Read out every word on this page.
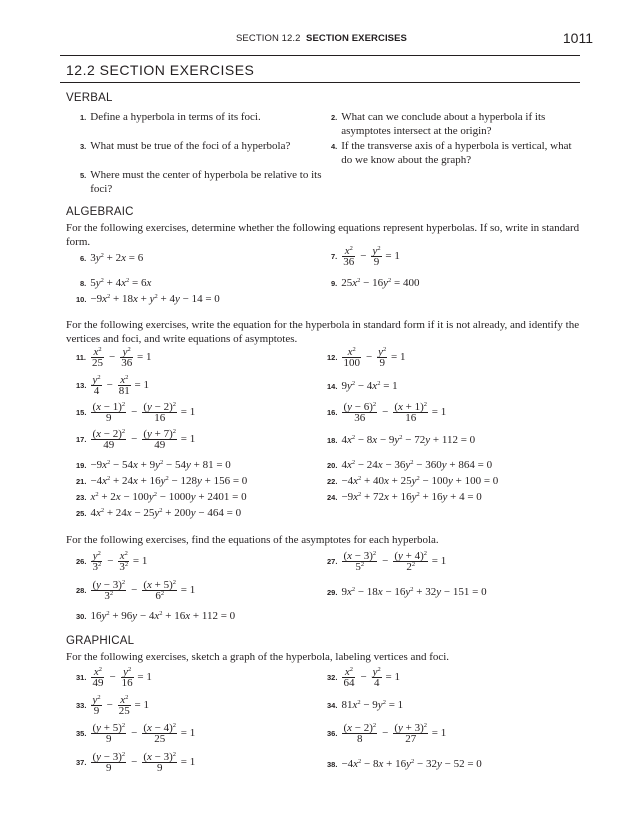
SECTION 12.2 SECTION EXERCISES	1011
12.2 SECTION EXERCISES
VERBAL
1. Define a hyperbola in terms of its foci.	2. What can we conclude about a hyperbola if its asymptotes intersect at the origin?
3. What must be true of the foci of a hyperbola?	4. If the transverse axis of a hyperbola is vertical, what do we know about the graph?
5. Where must the center of hyperbola be relative to its foci?
ALGEBRAIC
For the following exercises, determine whether the following equations represent hyperbolas. If so, write in standard form.
6. $3y^2 + 2x = 6$	7. $\frac{x^2}{36} - \frac{y^2}{9} = 1$
8. $5y^2 + 4x^2 = 6x$	9. $25x^2 - 16y^2 = 400$
10. $-9x^2 + 18x + y^2 + 4y - 14 = 0$
For the following exercises, write the equation for the hyperbola in standard form if it is not already, and identify the vertices and foci, and write equations of asymptotes.
11. $\frac{x^2}{25} - \frac{y^2}{36} = 1$	12. $\frac{x^2}{100} - \frac{y^2}{9} = 1$
13. $\frac{y^2}{4} - \frac{x^2}{81} = 1$	14. $9y^2 - 4x^2 = 1$
15. $\frac{(x - 1)^2}{9} - \frac{(y - 2)^2}{16} = 1$	16. $\frac{(y - 6)^2}{36} - \frac{(x + 1)^2}{16} = 1$
17. $\frac{(x - 2)^2}{49} - \frac{(y + 7)^2}{49} = 1$	18. $4x^2 - 8x - 9y^2 - 72y + 112 = 0$
19. $-9x^2 - 54x + 9y^2 - 54y + 81 = 0$	20. $4x^2 - 24x - 36y^2 - 360y + 864 = 0$
21. $-4x^2 + 24x + 16y^2 - 128y + 156 = 0$	22. $-4x^2 + 40x + 25y^2 - 100y + 100 = 0$
23. $x^2 + 2x - 100y^2 - 1000y + 2401 = 0$	24. $-9x^2 + 72x + 16y^2 + 16y + 4 = 0$
25. $4x^2 + 24x - 25y^2 + 200y - 464 = 0$
For the following exercises, find the equations of the asymptotes for each hyperbola.
26. $\frac{y^2}{3^2} - \frac{x^2}{3^2} = 1$	27. $\frac{(x - 3)^2}{5^2} - \frac{(y + 4)^2}{2^2} = 1$
28. $\frac{(y - 3)^2}{3^2} - \frac{(x + 5)^2}{6^2} = 1$	29. $9x^2 - 18x - 16y^2 + 32y - 151 = 0$
30. $16y^2 + 96y - 4x^2 + 16x + 112 = 0$
GRAPHICAL
For the following exercises, sketch a graph of the hyperbola, labeling vertices and foci.
31. $\frac{x^2}{49} - \frac{y^2}{16} = 1$	32. $\frac{x^2}{64} - \frac{y^2}{4} = 1$
33. $\frac{y^2}{9} - \frac{x^2}{25} = 1$	34. $81x^2 - 9y^2 = 1$
35. $\frac{(y + 5)^2}{9} - \frac{(x - 4)^2}{25} = 1$	36. $\frac{(x - 2)^2}{8} - \frac{(y + 3)^2}{27} = 1$
37. $\frac{(y - 3)^2}{9} - \frac{(x - 3)^2}{9} = 1$	38. $-4x^2 - 8x + 16y^2 - 32y - 52 = 0$
